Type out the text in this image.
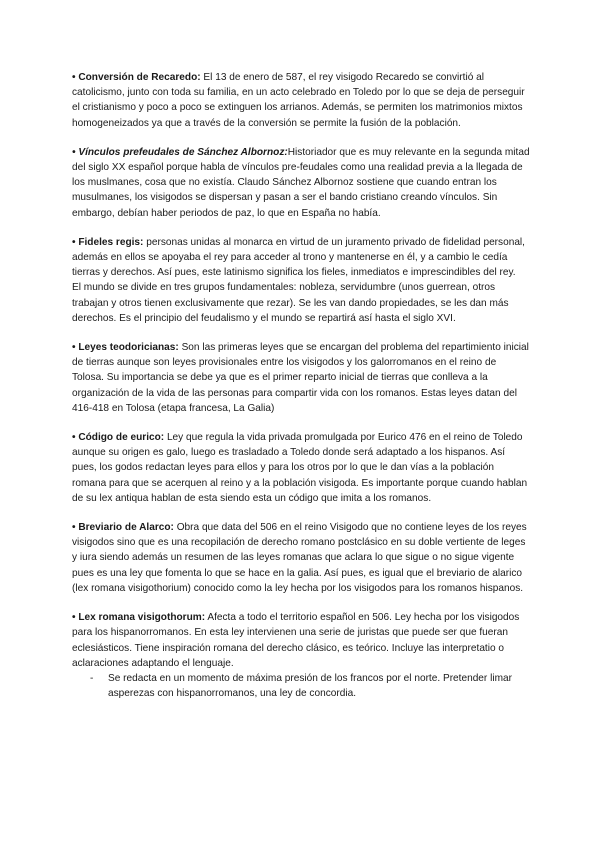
• Conversión de Recaredo: El 13 de enero de 587, el rey visigodo Recaredo se convirtió al catolicismo, junto con toda su familia, en un acto celebrado en Toledo por lo que se deja de perseguir el cristianismo y poco a poco se extinguen los arrianos. Además, se permiten los matrimonios mixtos homogeneizados ya que a través de la conversión se permite la fusión de la población.

• Vínculos prefeudales de Sánchez Albornoz:Historiador que es muy relevante en la segunda mitad del siglo XX español porque habla de vínculos pre-feudales como una realidad previa a la llegada de los muslmanes, cosa que no existía. Claudo Sánchez Albornoz sostiene que cuando entran los musulmanes, los visigodos se dispersan y pasan a ser el bando cristiano creando vínculos. Sin embargo, debían haber periodos de paz, lo que en España no había.

• Fideles regis: personas unidas al monarca en virtud de un juramento privado de fidelidad personal, además en ellos se apoyaba el rey para acceder al trono y mantenerse en él, y a cambio le cedía tierras y derechos. Así pues, este latinismo significa los fieles, inmediatos e imprescindibles del rey.

El mundo se divide en tres grupos fundamentales: nobleza, servidumbre (unos guerrean, otros trabajan y otros tienen exclusivamente que rezar). Se les van dando propiedades, se les dan más derechos. Es el principio del feudalismo y el mundo se repartirá así hasta el siglo XVI.

• Leyes teodoricianas: Son las primeras leyes que se encargan del problema del repartimiento inicial de tierras aunque son leyes provisionales entre los visigodos y los galorromanos en el reino de Tolosa. Su importancia se debe ya que es el primer reparto inicial de tierras que conlleva a la organización de la vida de las personas para compartir vida con los romanos. Estas leyes datan del 416-418 en Tolosa (etapa francesa, La Galia)

• Código de eurico: Ley que regula la vida privada promulgada por Eurico 476 en el reino de Toledo aunque su origen es galo, luego es trasladado a Toledo donde será adaptado a los hispanos. Así pues, los godos redactan leyes para ellos y para los otros por lo que le dan vías a la población romana para que se acerquen al reino y a la población visigoda. Es importante porque cuando hablan de su lex antiqua hablan de esta siendo esta un código que imita a los romanos.

• Breviario de Alarco: Obra que data del 506 en el reino Visigodo que no contiene leyes de los reyes visigodos sino que es una recopilación de derecho romano postclásico en su doble vertiente de leges y iura siendo además un resumen de las leyes romanas que aclara lo que sigue o no sigue vigente pues es una ley que fomenta lo que se hace en la galia. Así pues, es igual que el breviario de alarico (lex romana visigothorium) conocido como la ley hecha por los visigodos para los romanos hispanos.

• Lex romana visigothorum: Afecta a todo el territorio español en 506. Ley hecha por los visigodos para los hispanorromanos. En esta ley intervienen una serie de juristas que puede ser que fueran eclesiásticos. Tiene inspiración romana del derecho clásico, es teórico. Incluye las interpretatio o aclaraciones adaptando el lenguaje.

- Se redacta en un momento de máxima presión de los francos por el norte. Pretender limar asperezas con hispanorromanos, una ley de concordia.
